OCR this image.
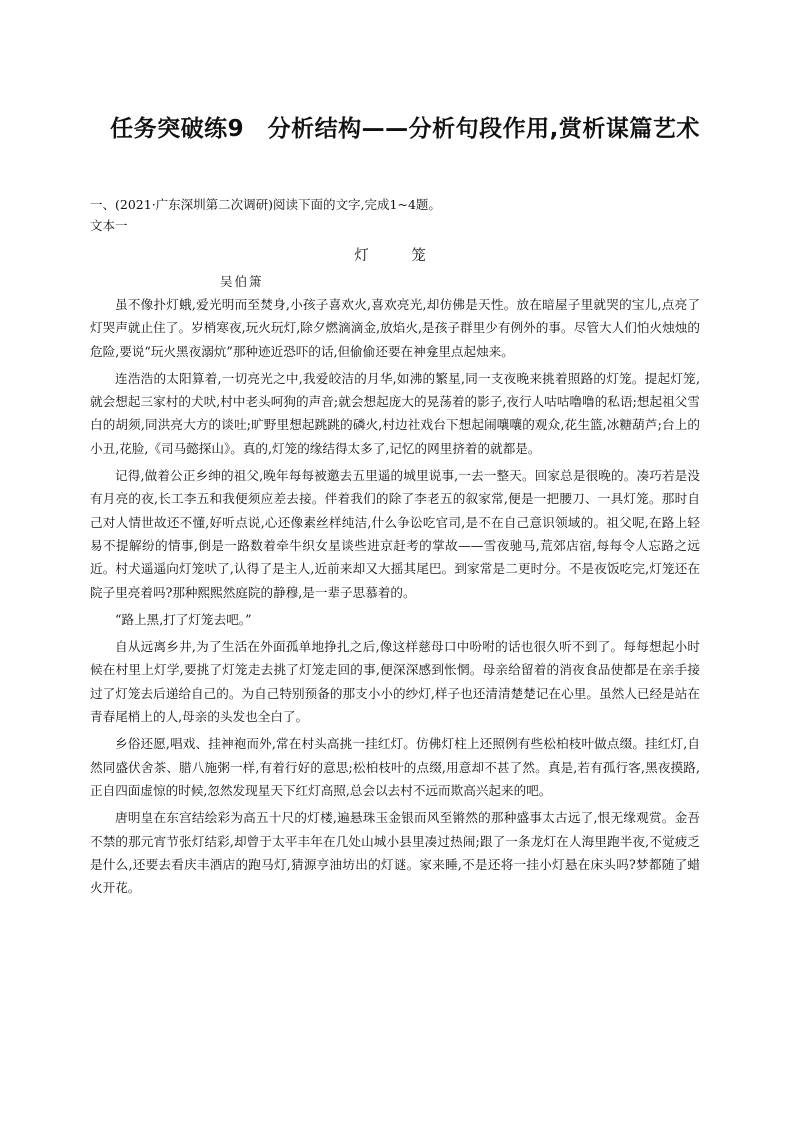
任务突破练9　分析结构——分析句段作用,赏析谋篇艺术
一、(2021·广东深圳第二次调研)阅读下面的文字,完成1~4题。
文本一
灯　笼
吴伯箫

虽不像扑灯蛾,爱光明而至焚身,小孩子喜欢火,喜欢亮光,却仿佛是天性。放在暗屋子里就哭的宝儿,点亮了灯哭声就止住了。岁梢寒夜,玩火玩灯,除夕燃滴滴金,放焰火,是孩子群里少有例外的事。尽管大人们怕火烛烛的危险,要说“玩火黑夜溺炕”那种迹近恐吓的话,但偷偷还要在神龛里点起烛来。

连浩浩的太阳算着,一切亮光之中,我爱皎洁的月华,如沸的繁星,同一支夜晚来挑着照路的灯笼。提起灯笼,就会想起三家村的犬吠,村中老头呵狗的声音;就会想起庞大的晃荡着的影子,夜行人咕咕噜噜的私语;想起祖父雪白的胡须,同洪亮大方的谈吐;旷野里想起跳跳的磷火,村边社戏台下想起闹嚷嚷的观众,花生篮,冰糖葫芦;台上的小丑,花脸,《司马懿探山》。真的,灯笼的缘结得太多了,记忆的网里挤着的就都是。

记得,做着公正乡绅的祖父,晚年每每被邀去五里遥的城里说事,一去一整天。回家总是很晚的。凑巧若是没有月亮的夜,长工李五和我便须应差去接。伴着我们的除了李老五的叙家常,便是一把腰刀、一具灯笼。那时自己对人情世故还不懂,好听点说,心还像素丝样纯洁,什么争讼吃官司,是不在自己意识领域的。祖父呢,在路上轻易不提解纷的情事,倒是一路数着牵牛织女星谈些进京赶考的掌故——雪夜驰马,荒郊店宿,每每令人忘路之远近。村犬遥遥向灯笼吠了,认得了是主人,近前来却又大摇其尾巴。到家常是二更时分。不是夜饭吃完,灯笼还在院子里亮着吗?那种熙熙然庭院的静穆,是一辈子思慕着的。

“路上黑,打了灯笼去吧。”

自从远离乡井,为了生活在外面孤单地挣扎之后,像这样慈母口中吩咐的话也很久听不到了。每每想起小时候在村里上灯学,要挑了灯笼走去挑了灯笼走回的事,便深深感到怅惘。母亲给留着的消夜食品使都是在亲手接过了灯笼去后递给自己的。为自己特别预备的那支小小的纱灯,样子也还清清楚楚记在心里。虽然人已经是站在青春尾梢上的人,母亲的头发也全白了。

乡俗还愿,唱戏、挂神袍而外,常在村头高挑一挂红灯。仿佛灯柱上还照例有些松柏枝叶做点缀。挂红灯,自然同盛伏舍茶、腊八施粥一样,有着行好的意思;松柏枝叶的点缀,用意却不甚了然。真是,若有孤行客,黑夜摸路,正自四面虚惊的时候,忽然发现星天下红灯高照,总会以去村不远而欺高兴起来的吧。

唐明皇在东宫结绘彩为高五十尺的灯楼,遍悬珠玉金银而风至锵然的那种盛事太古远了,恨无缘观赏。金吾不禁的那元宵节张灯结彩,却曾于太平丰年在几处山城小县里凑过热闹;跟了一条龙灯在人海里跑半夜,不觉疲乏是什么,还要去看庆丰酒店的跑马灯,猜源亨油坊出的灯谜。家来睡,不是还将一挂小灯悬在床头吗?梦都随了蜡火开花。
